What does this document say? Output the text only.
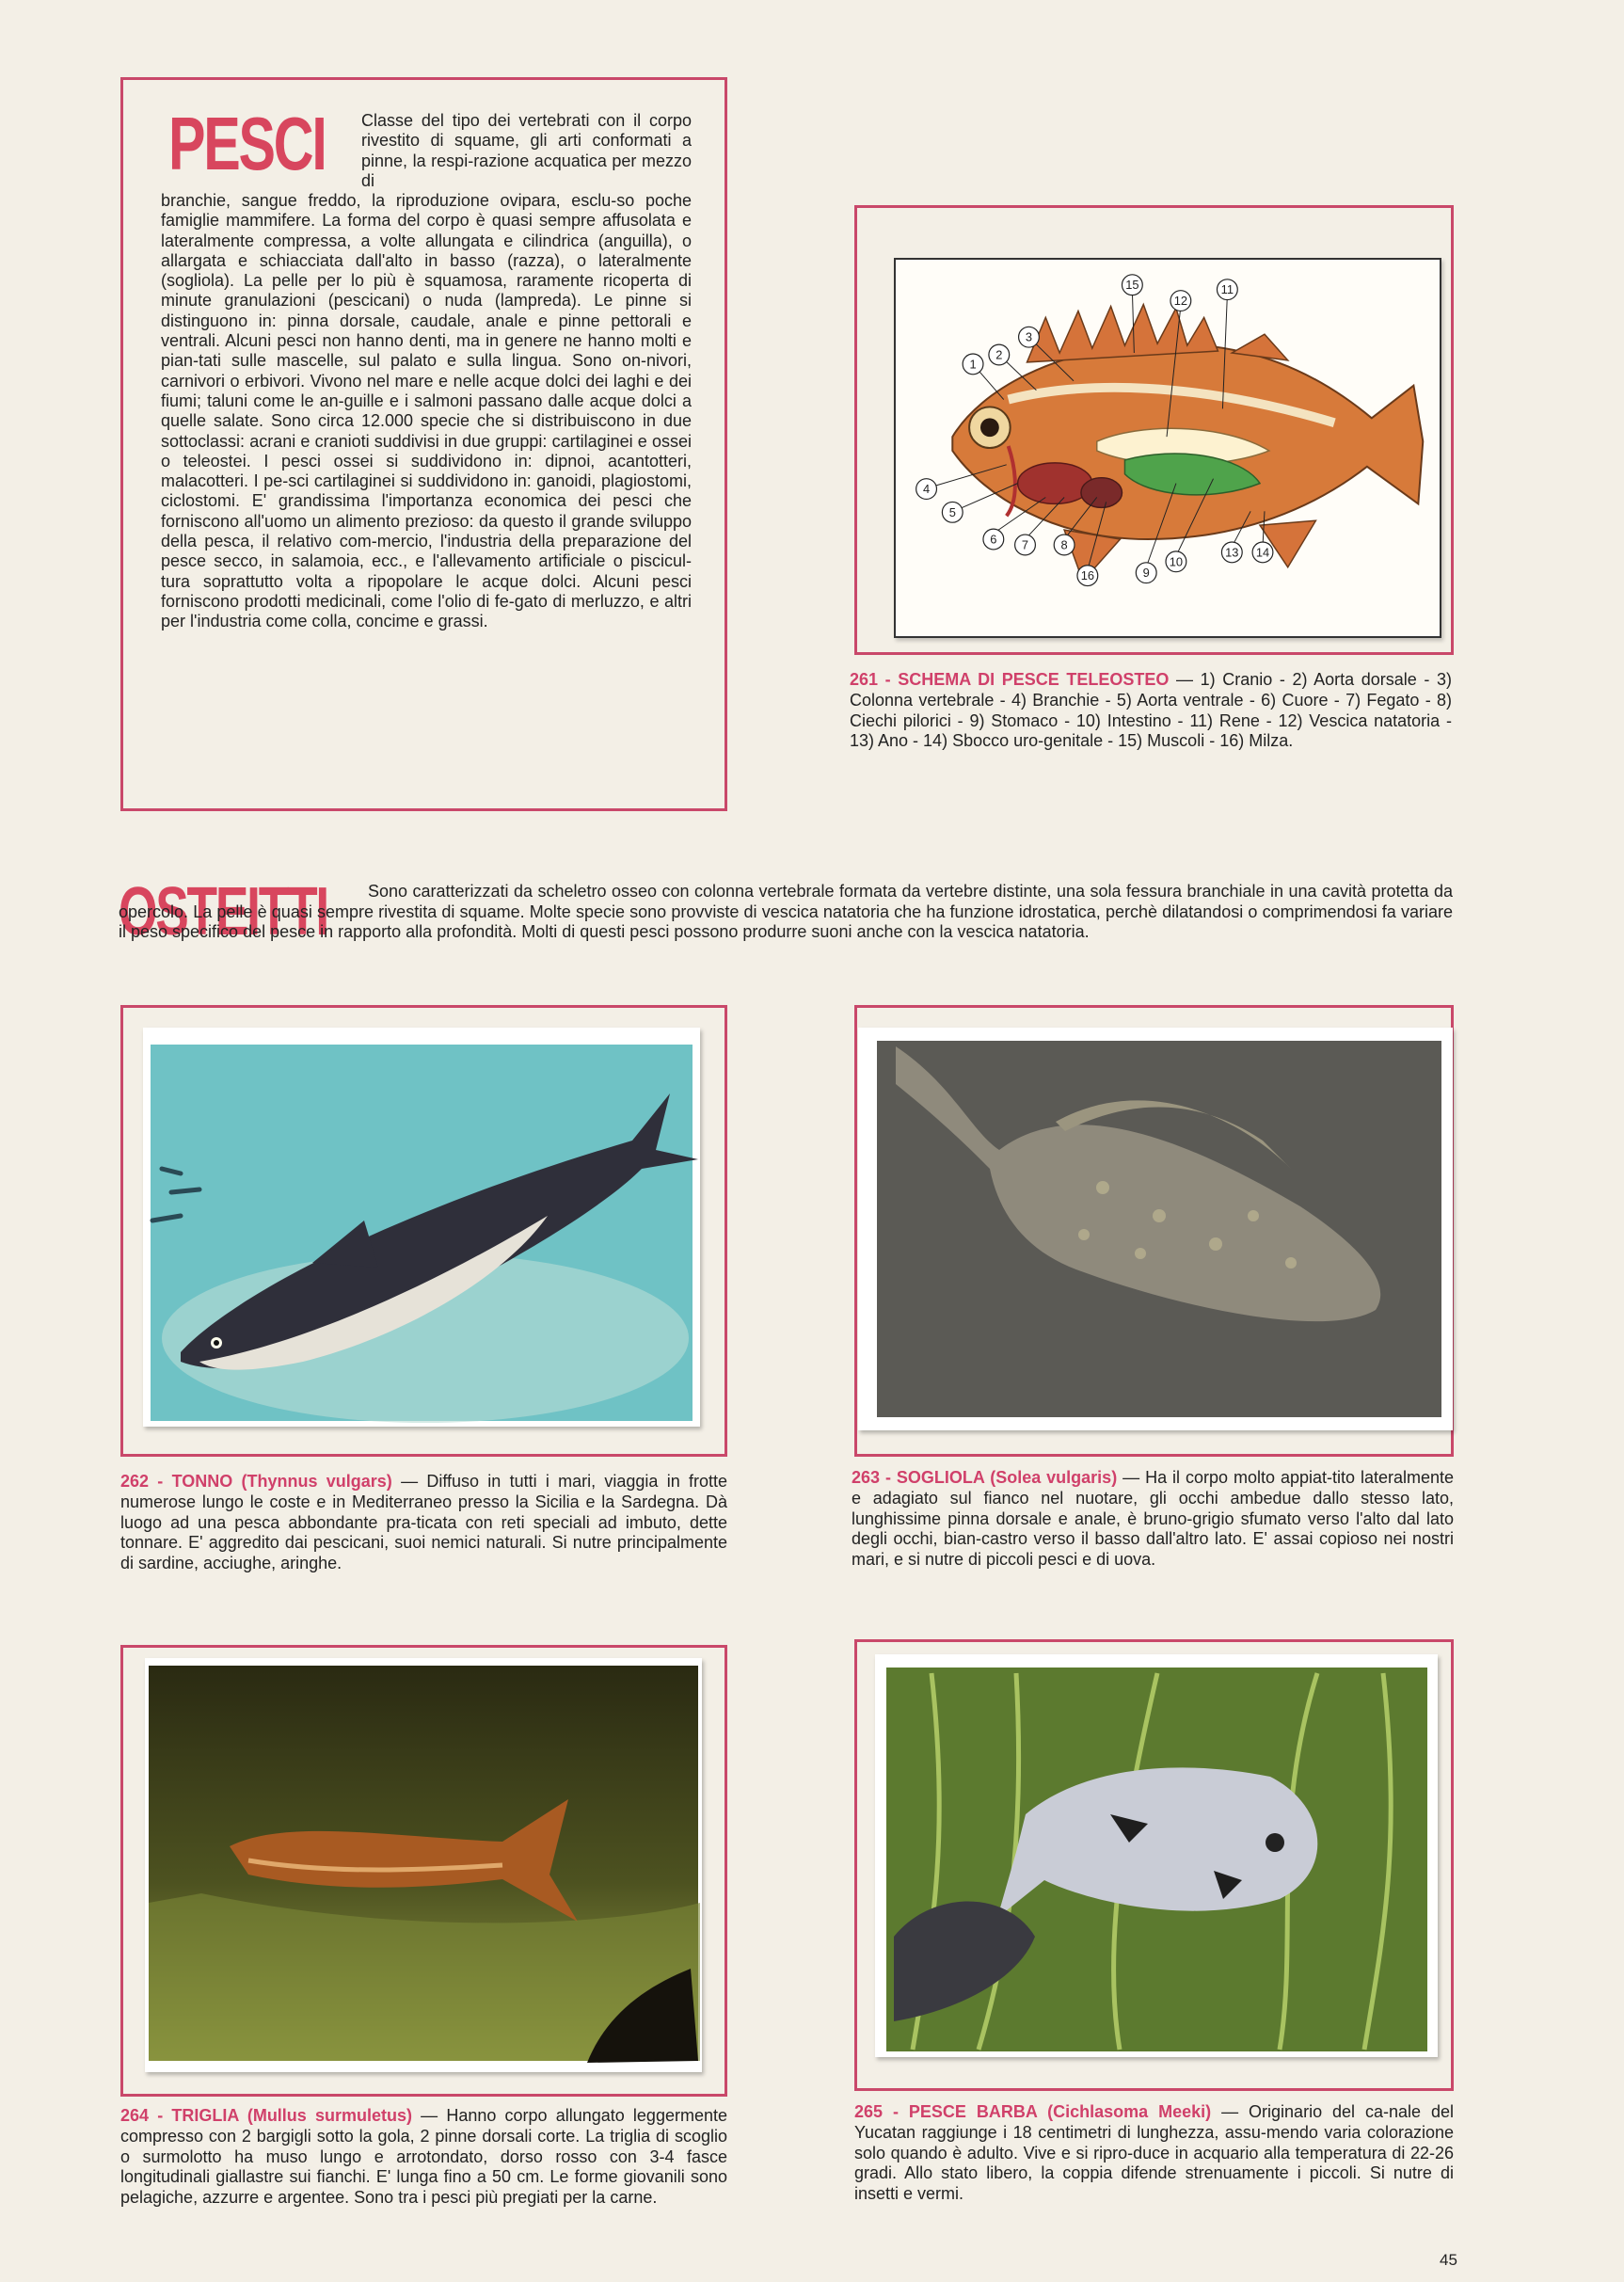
PESCI Classe del tipo dei vertebrati con il corpo rivestito di squame, gli arti conformati a pinne, la respi-razione acquatica per mezzo di
branchie, sangue freddo, la riproduzione ovipara, esclu-so poche famiglie mammifere. La forma del corpo è quasi sempre affusolata e lateralmente compressa, a volte allungata e cilindrica (anguilla), o allargata e schiacciata dall'alto in basso (razza), o lateralmente (sogliola). La pelle per lo più è squamosa, raramente ricoperta di minute granulazioni (pescicani) o nuda (lampreda). Le pinne si distinguono in: pinna dorsale, caudale, anale e pinne pettorali e ventrali. Alcuni pesci non hanno denti, ma in genere ne hanno molti e pian-tati sulle mascelle, sul palato e sulla lingua. Sono on-nivori, carnivori o erbivori. Vivono nel mare e nelle acque dolci dei laghi e dei fiumi; taluni come le an-guille e i salmoni passano dalle acque dolci a quelle salate. Sono circa 12.000 specie che si distribuiscono in due sottoclassi: acrani e cranioti suddivisi in due gruppi: cartilaginei e ossei o teleostei. I pesci ossei si suddividono in: dipnoi, acantotteri, malacotteri. I pe-sci cartilaginei si suddividono in: ganoidi, plagiostomi, ciclostomi. E' grandissima l'importanza economica dei pesci che forniscono all'uomo un alimento prezioso: da questo il grande sviluppo della pesca, il relativo com-mercio, l'industria della preparazione del pesce secco, in salamoia, ecc., e l'allevamento artificiale o piscicul-tura soprattutto volta a ripopolare le acque dolci. Alcuni pesci forniscono prodotti medicinali, come l'olio di fe-gato di merluzzo, e altri per l'industria come colla, concime e grassi.
1
2
3
4
5
6 7	8
9
10
11
12
13 14
15
16
261 - SCHEMA DI PESCE TELEOSTEO — 1) Cranio - 2) Aorta dorsale - 3) Colonna vertebrale - 4) Branchie - 5) Aorta ventrale - 6) Cuore - 7) Fegato - 8) Ciechi pilorici - 9) Stomaco - 10) Intestino - 11) Rene - 12) Vescica natatoria - 13) Ano - 14) Sbocco uro-genitale - 15) Muscoli - 16) Milza.
OSTEITTI	Sono caratterizzati da scheletro osseo con colonna vertebrale formata da vertebre distinte, una sola fessura branchiale in una cavità protetta da opercolo. La pelle è quasi sempre rivestita di squame. Molte specie sono provviste di vescica natatoria che ha funzione idrostatica, perchè dilatandosi o comprimendosi fa variare il peso specifico del pesce in rapporto alla profondità. Molti di questi pesci possono produrre suoni anche con la vescica natatoria.
262 - TONNO (Thynnus vulgars) — Diffuso in tutti i mari, viaggia in frotte numerose lungo le coste e in Mediterraneo presso la Sicilia e la Sardegna. Dà luogo ad una pesca abbondante pra-ticata con reti speciali ad imbuto, dette tonnare. E' aggredito dai pescicani, suoi nemici naturali. Si nutre principalmente di sardine, acciughe, aringhe.
263 - SOGLIOLA (Solea vulgaris) — Ha il corpo molto appiat-tito lateralmente e adagiato sul fianco nel nuotare, gli occhi ambedue dallo stesso lato, lunghissime pinna dorsale e anale, è bruno-grigio sfumato verso l'alto dal lato degli occhi, bian-castro verso il basso dall'altro lato. E' assai copioso nei nostri mari, e si nutre di piccoli pesci e di uova.
264 - TRIGLIA (Mullus surmuletus) — Hanno corpo allungato leggermente compresso con 2 bargigli sotto la gola, 2 pinne dorsali corte. La triglia di scoglio o surmolotto ha muso lungo e arrotondato, dorso rosso con 3-4 fasce longitudinali giallastre sui fianchi. E' lunga fino a 50 cm. Le forme giovanili sono pelagiche, azzurre e argentee. Sono tra i pesci più pregiati per la carne.
265 - PESCE BARBA (Cichlasoma Meeki) — Originario del ca-nale del Yucatan raggiunge i 18 centimetri di lunghezza, assu-mendo varia colorazione solo quando è adulto. Vive e si ripro-duce in acquario alla temperatura di 22-26 gradi. Allo stato libero, la coppia difende strenuamente i piccoli. Si nutre di insetti e vermi.
45
